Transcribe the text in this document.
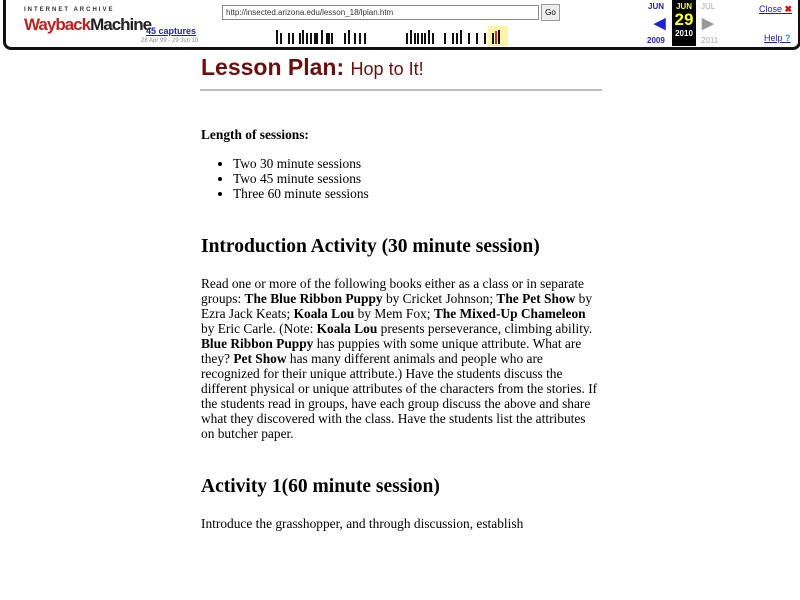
INTERNET ARCHIVE
WaybackMachine
45 captures
28 Apr 99 - 29 Jun 10
http://insected.arizona.edu/lesson_18/lplan.htm	Go
JUN
◀
2009
JUN
29
2010
JUL
▶
2011
Close ✖
Help ?
Lesson Plan: Hop to It!
Length of sessions:
• Two 30 minute sessions
• Two 45 minute sessions
• Three 60 minute sessions
Introduction Activity (30 minute session)

Read one or more of the following books either as a class or in separate groups: The Blue Ribbon Puppy by Cricket Johnson; The Pet Show by Ezra Jack Keats; Koala Lou by Mem Fox; The Mixed-Up Chameleon by Eric Carle. (Note: Koala Lou presents perseverance, climbing ability. Blue Ribbon Puppy has puppies with some unique attribute. What are they? Pet Show has many different animals and people who are recognized for their unique attribute.) Have the students discuss the different physical or unique attributes of the characters from the stories. If the students read in groups, have each group discuss the above and share what they discovered with the class. Have the students list the attributes on butcher paper.

Activity 1(60 minute session)

Introduce the grasshopper, and through discussion, establish
